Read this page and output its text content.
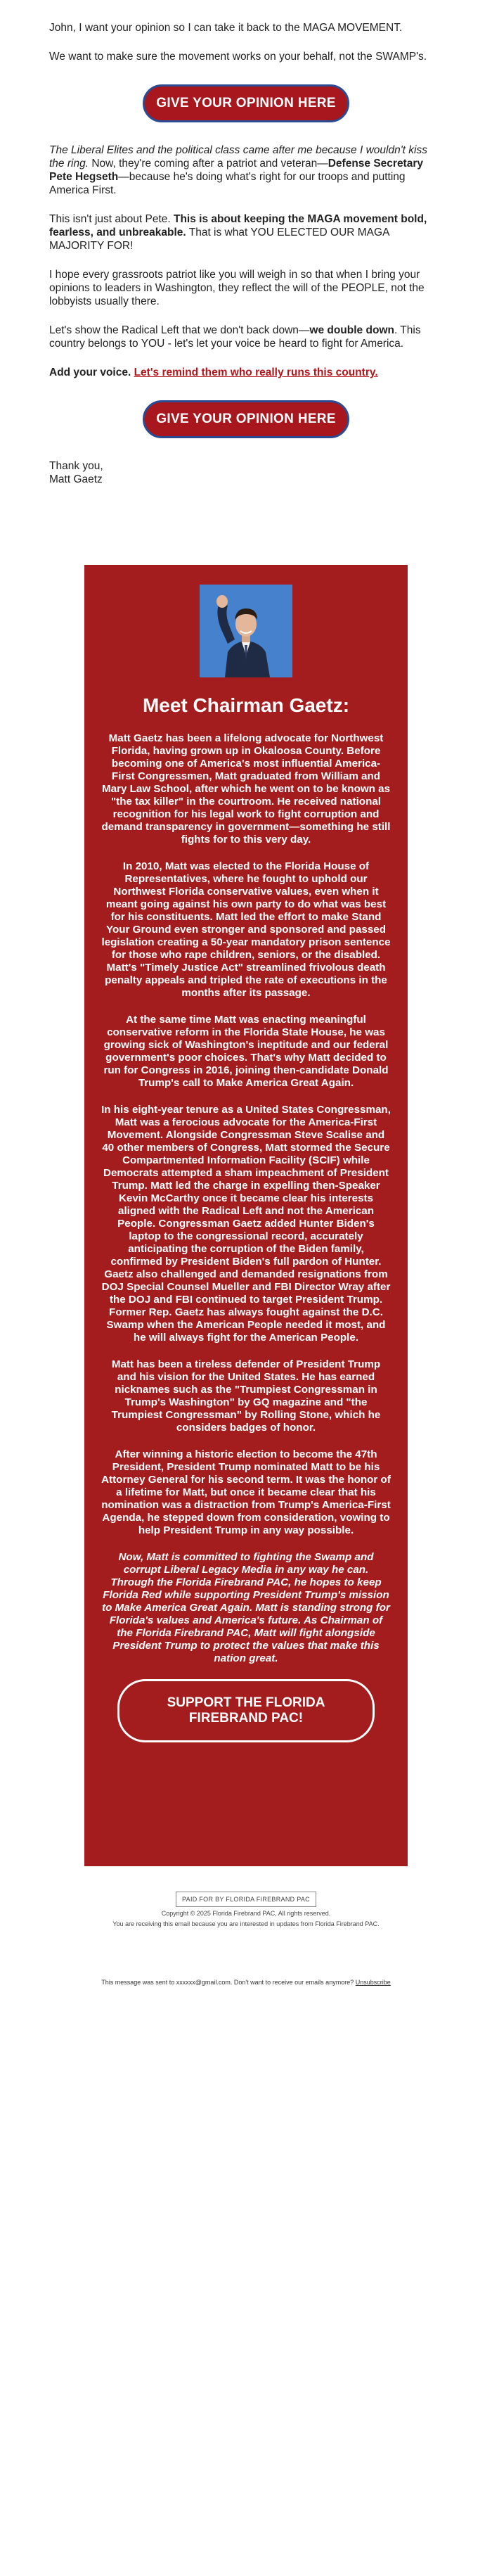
John, I want your opinion so I can take it back to the MAGA MOVEMENT.

We want to make sure the movement works on your behalf, not the SWAMP's.

GIVE YOUR OPINION HERE

The Liberal Elites and the political class came after me because I wouldn't kiss the ring. Now, they're coming after a patriot and veteran—Defense Secretary Pete Hegseth—because he's doing what's right for our troops and putting America First.

This isn't just about Pete. This is about keeping the MAGA movement bold, fearless, and unbreakable. That is what YOU ELECTED OUR MAGA MAJORITY FOR!

I hope every grassroots patriot like you will weigh in so that when I bring your opinions to leaders in Washington, they reflect the will of the PEOPLE, not the lobbyists usually there.

Let's show the Radical Left that we don't back down—we double down. This country belongs to YOU - let's let your voice be heard to fight for America.

Add your voice. Let's remind them who really runs this country.

GIVE YOUR OPINION HERE
Thank you,
Matt Gaetz
Meet Chairman Gaetz:

Matt Gaetz has been a lifelong advocate for Northwest Florida, having grown up in Okaloosa County. Before becoming one of America's most influential America-First Congressmen, Matt graduated from William and Mary Law School, after which he went on to be known as "the tax killer" in the courtroom. He received national recognition for his legal work to fight corruption and demand transparency in government—something he still fights for to this very day.

In 2010, Matt was elected to the Florida House of Representatives, where he fought to uphold our Northwest Florida conservative values, even when it meant going against his own party to do what was best for his constituents. Matt led the effort to make Stand Your Ground even stronger and sponsored and passed legislation creating a 50-year mandatory prison sentence for those who rape children, seniors, or the disabled. Matt's "Timely Justice Act" streamlined frivolous death penalty appeals and tripled the rate of executions in the months after its passage.

At the same time Matt was enacting meaningful conservative reform in the Florida State House, he was growing sick of Washington's ineptitude and our federal government's poor choices. That's why Matt decided to run for Congress in 2016, joining then-candidate Donald Trump's call to Make America Great Again.

In his eight-year tenure as a United States Congressman, Matt was a ferocious advocate for the America-First Movement. Alongside Congressman Steve Scalise and 40 other members of Congress, Matt stormed the Secure Compartmented Information Facility (SCIF) while Democrats attempted a sham impeachment of President Trump. Matt led the charge in expelling then-Speaker Kevin McCarthy once it became clear his interests aligned with the Radical Left and not the American People. Congressman Gaetz added Hunter Biden's laptop to the congressional record, accurately anticipating the corruption of the Biden family, confirmed by President Biden's full pardon of Hunter. Gaetz also challenged and demanded resignations from DOJ Special Counsel Mueller and FBI Director Wray after the DOJ and FBI continued to target President Trump. Former Rep. Gaetz has always fought against the D.C. Swamp when the American People needed it most, and he will always fight for the American People.

Matt has been a tireless defender of President Trump and his vision for the United States. He has earned nicknames such as the "Trumpiest Congressman in Trump's Washington" by GQ magazine and "the Trumpiest Congressman" by Rolling Stone, which he considers badges of honor.

After winning a historic election to become the 47th President, President Trump nominated Matt to be his Attorney General for his second term. It was the honor of a lifetime for Matt, but once it became clear that his nomination was a distraction from Trump's America-First Agenda, he stepped down from consideration, vowing to help President Trump in any way possible.

Now, Matt is committed to fighting the Swamp and corrupt Liberal Legacy Media in any way he can. Through the Florida Firebrand PAC, he hopes to keep Florida Red while supporting President Trump's mission to Make America Great Again. Matt is standing strong for Florida's values and America's future. As Chairman of the Florida Firebrand PAC, Matt will fight alongside President Trump to protect the values that make this nation great.

SUPPORT THE FLORIDA FIREBRAND PAC!
PAID FOR BY FLORIDA FIREBRAND PAC

Copyright © 2025 Florida Firebrand PAC, All rights reserved.

You are receiving this email because you are interested in updates from Florida Firebrand PAC.

This message was sent to xxxxxx@gmail.com. Don't want to receive our emails anymore? Unsubscribe
